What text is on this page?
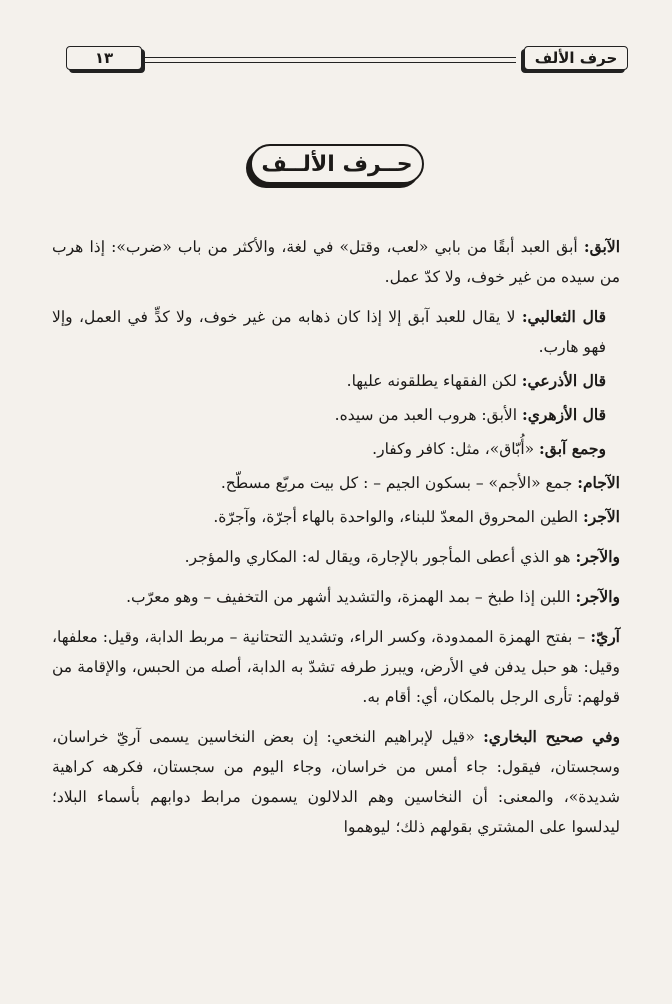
حرف الألف
١٣
حــرف الألــف

الآبق: أبق العبد أبقًا من بابي «لعب، وقتل» في لغة، والأكثر من باب «ضرب»: إذا هرب من سيده من غير خوف، ولا كدّ عمل.

قال الثعالبي: لا يقال للعبد آبق إلا إذا كان ذهابه من غير خوف، ولا كدٍّ في العمل، وإلا فهو هارب.

قال الأذرعي: لكن الفقهاء يطلقونه عليها.

قال الأزهري: الأبق: هروب العبد من سيده.

وجمع آبق: «أُبّاق»، مثل: كافر وكفار.

الآجام: جمع «الأجم» – بسكون الجيم – : كل بيت مربّع مسطّح.

الآجر: الطين المحروق المعدّ للبناء، والواحدة بالهاء أجرّة، وآجرّة.

والآجر: هو الذي أعطى المأجور بالإجارة، ويقال له: المكاري والمؤجر.

والآجر: اللبن إذا طبخ – بمد الهمزة، والتشديد أشهر من التخفيف – وهو معرّب.

آريّ: – بفتح الهمزة الممدودة، وكسر الراء، وتشديد التحتانية – مربط الدابة، وقيل: معلفها، وقيل: هو حبل يدفن في الأرض، ويبرز طرفه تشدّ به الدابة، أصله من الحبس، والإقامة من قولهم: تأرى الرجل بالمكان، أي: أقام به.

وفي صحيح البخاري: «قيل لإبراهيم النخعي: إن بعض النخاسين يسمى آريّ خراسان، وسجستان، فيقول: جاء أمس من خراسان، وجاء اليوم من سجستان، فكرهه كراهية شديدة»، والمعنى: أن النخاسين وهم الدلالون يسمون مرابط دوابهم بأسماء البلاد؛ ليدلسوا على المشتري بقولهم ذلك؛ ليوهموا
